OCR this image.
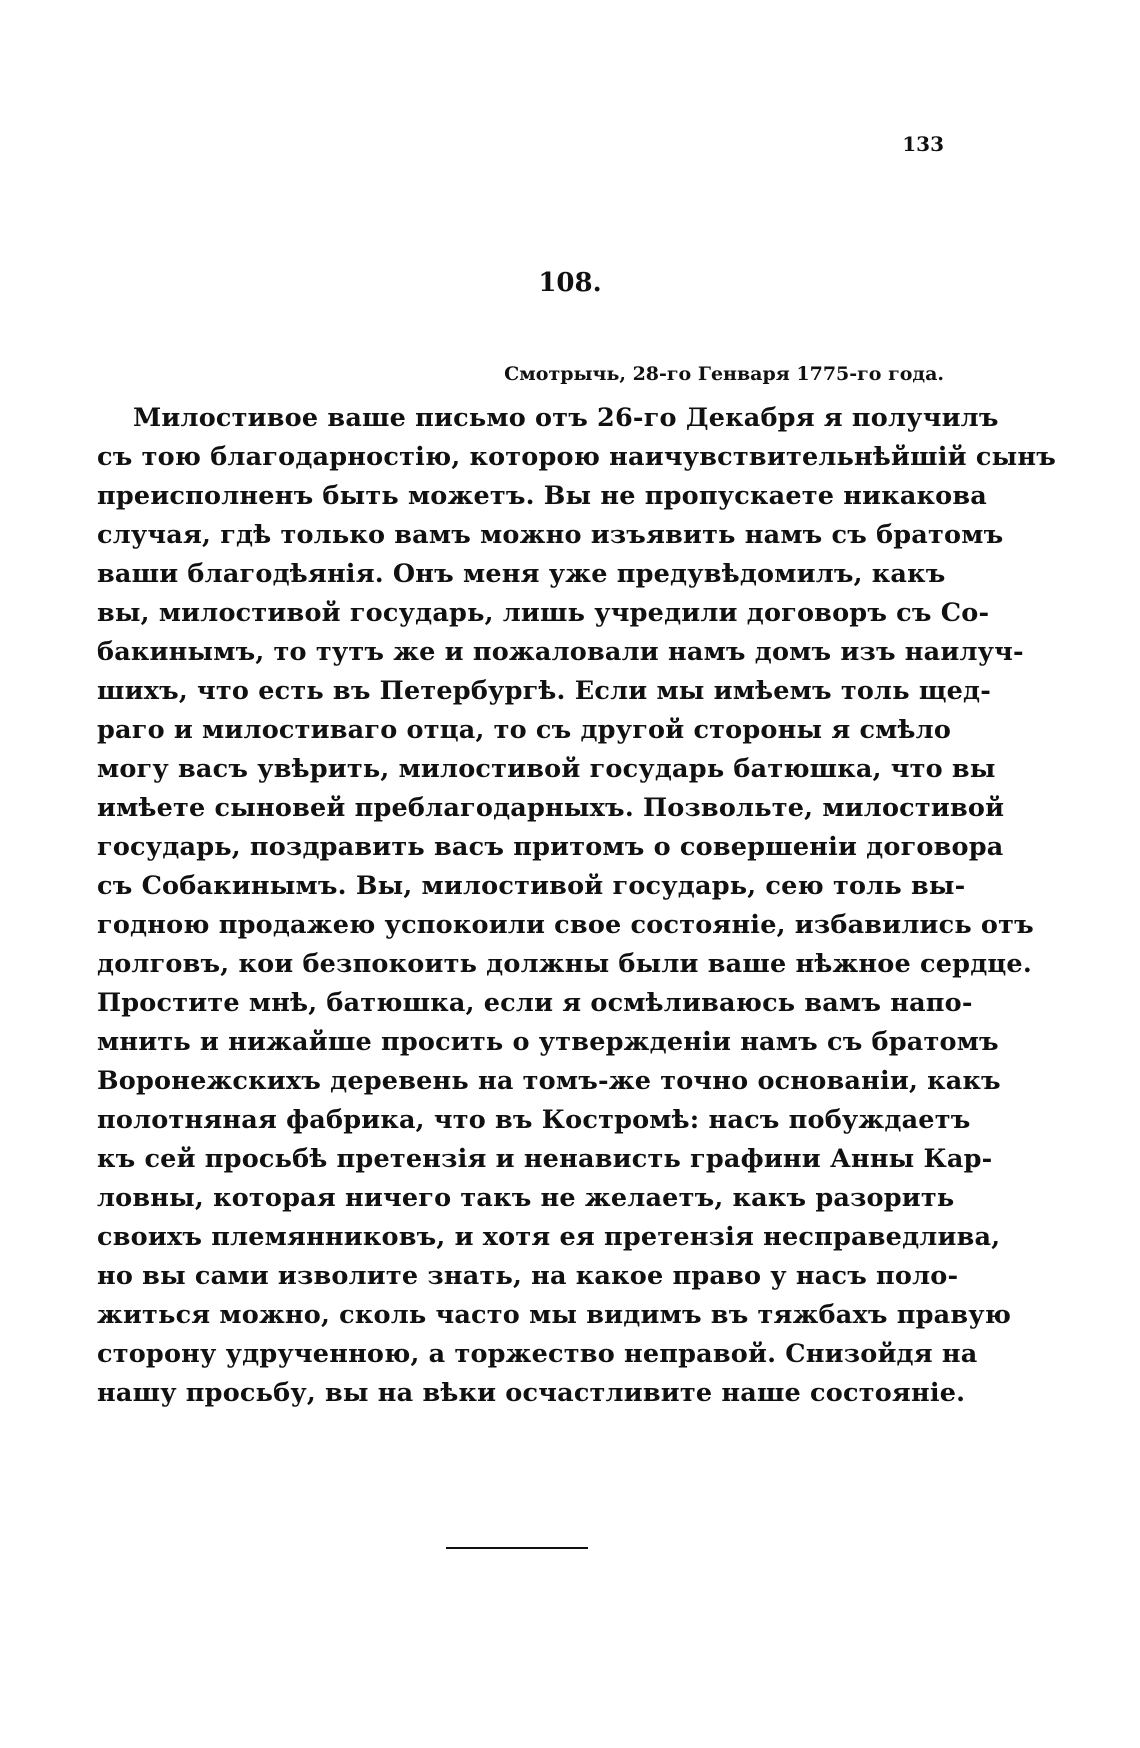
133
108.
Смотрычь, 28-го Генваря 1775-го года.
Милостивое ваше письмо отъ 26-го Декабря я получилъ
съ тою благодарностію, которою наичувствительнѣйшій сынъ
преисполненъ быть можетъ. Вы не пропускаете никакова
случая, гдѣ только вамъ можно изъявить намъ съ братомъ
ваши благодѣянія. Онъ меня уже предувѣдомилъ, какъ
вы, милостивой государь, лишь учредили договоръ съ Со-
бакинымъ, то тутъ же и пожаловали намъ домъ изъ наилуч-
шихъ, что есть въ Петербургѣ. Если мы имѣемъ толь щед-
раго и милостиваго отца, то съ другой стороны я смѣло
могу васъ увѣрить, милостивой государь батюшка, что вы
имѣете сыновей преблагодарныхъ. Позвольте, милостивой
государь, поздравить васъ притомъ о совершеніи договора
съ Собакинымъ. Вы, милостивой государь, сею толь вы-
годною продажею успокоили свое состояніе, избавились отъ
долговъ, кои безпокоить должны были ваше нѣжное сердце.
Простите мнѣ, батюшка, если я осмѣливаюсь вамъ напо-
мнить и нижайше просить о утвержденіи намъ съ братомъ
Воронежскихъ деревень на томъ-же точно основаніи, какъ
полотняная фабрика, что въ Костромѣ: насъ побуждаетъ
къ сей просьбѣ претензія и ненависть графини Анны Кар-
ловны, которая ничего такъ не желаетъ, какъ разорить
своихъ племянниковъ, и хотя ея претензія несправедлива,
но вы сами изволите знать, на какое право у насъ поло-
житься можно, сколь часто мы видимъ въ тяжбахъ правую
сторону удрученною, а торжество неправой. Снизойдя на
нашу просьбу, вы на вѣки осчастливите наше состояніе.
